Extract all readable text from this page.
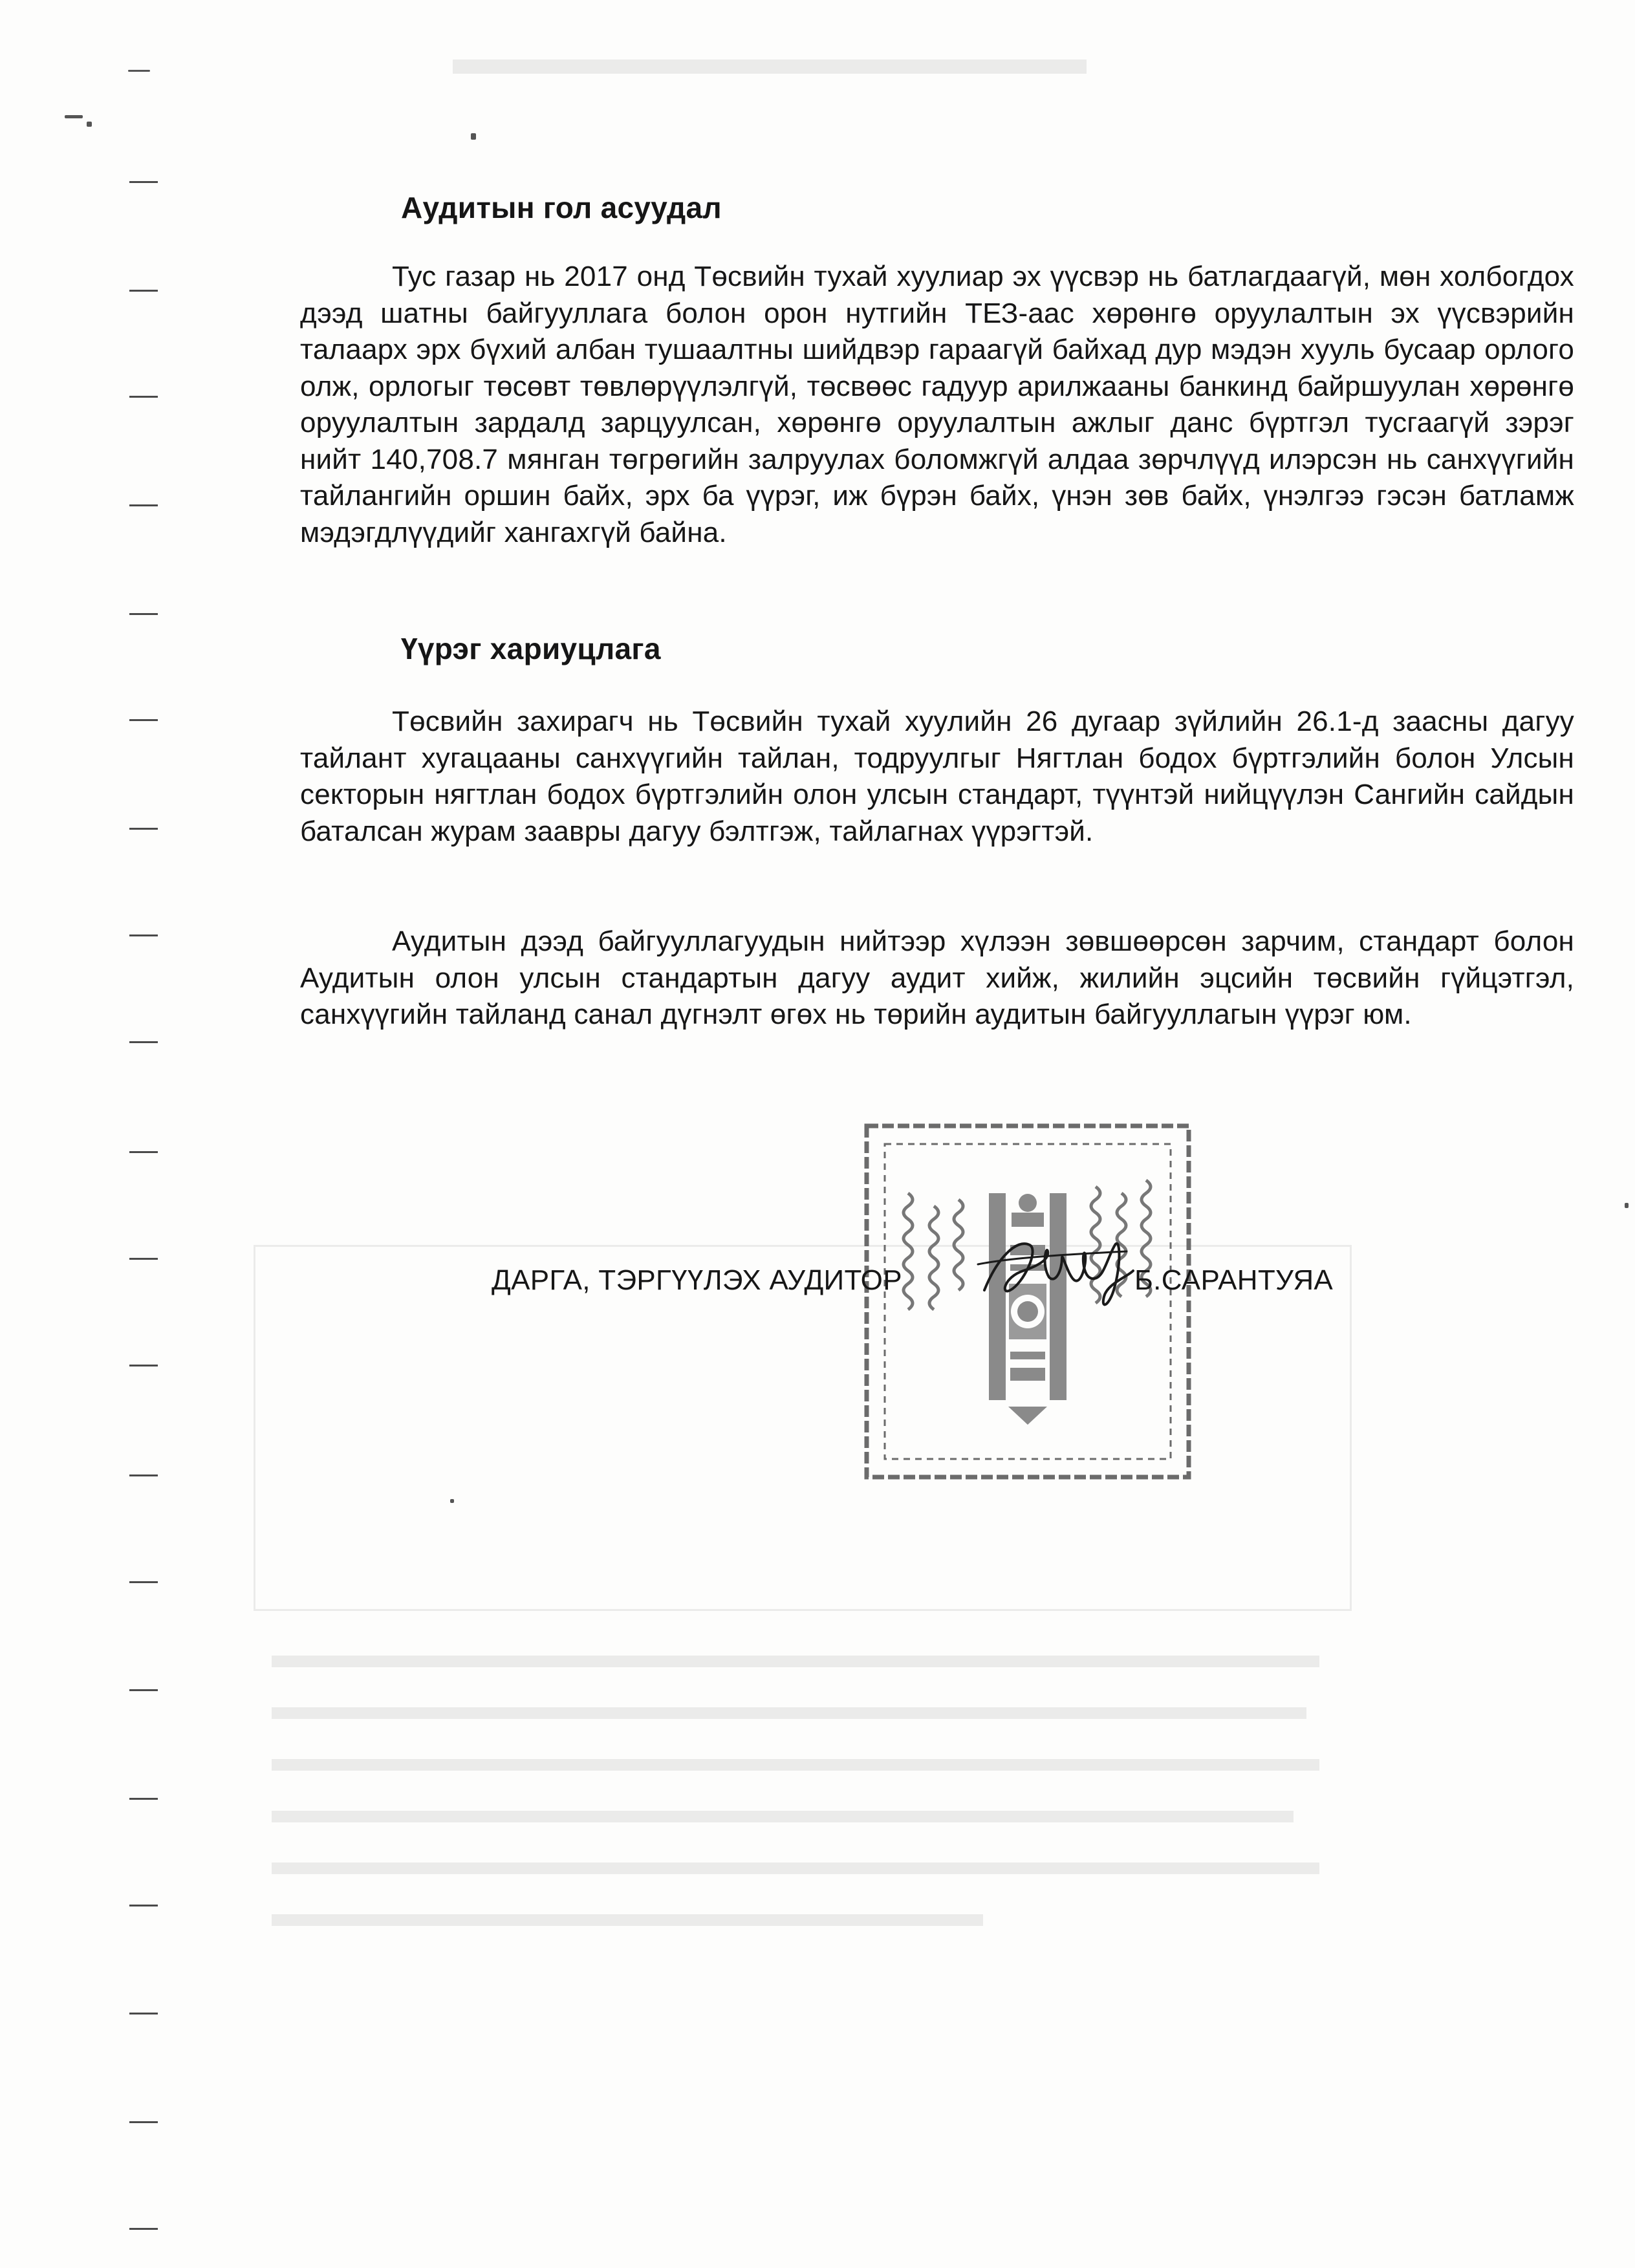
Аудитын гол асуудал
Тус газар нь 2017 онд Төсвийн тухай хуулиар эх үүсвэр нь батлагдаагүй, мөн холбогдох дээд шатны байгууллага болон орон нутгийн ТЕЗ-аас хөрөнгө оруулалтын эх үүсвэрийн талаарх эрх бүхий албан тушаалтны шийдвэр гараагүй байхад дур мэдэн хууль бусаар орлого олж, орлогыг төсөвт төвлөрүүлэлгүй, төсвөөс гадуур арилжааны банкинд байршуулан хөрөнгө оруулалтын зардалд зарцуулсан, хөрөнгө оруулалтын ажлыг данс бүртгэл тусгаагүй зэрэг нийт 140,708.7 мянган төгрөгийн залруулах боломжгүй алдаа зөрчлүүд илэрсэн нь санхүүгийн тайлангийн оршин байх, эрх ба үүрэг, иж бүрэн байх, үнэн зөв байх, үнэлгээ гэсэн батламж мэдэгдлүүдийг хангахгүй байна.
Үүрэг хариуцлага
Төсвийн захирагч нь Төсвийн тухай хуулийн 26 дугаар зүйлийн 26.1-д заасны дагуу тайлант хугацааны санхүүгийн тайлан, тодруулгыг Нягтлан бодох бүртгэлийн болон Улсын секторын нягтлан бодох бүртгэлийн олон улсын стандарт, түүнтэй нийцүүлэн Сангийн сайдын баталсан журам заавры дагуу бэлтгэж, тайлагнах үүрэгтэй.
Аудитын дээд байгууллагуудын нийтээр хүлээн зөвшөөрсөн зарчим, стандарт болон Аудитын олон улсын стандартын дагуу аудит хийж, жилийн эцсийн төсвийн гүйцэтгэл, санхүүгийн тайланд санал дүгнэлт өгөх нь төрийн аудитын байгууллагын үүрэг юм.
ДАРГА, ТЭРГҮҮЛЭХ АУДИТОР	Б.САРАНТУЯА
